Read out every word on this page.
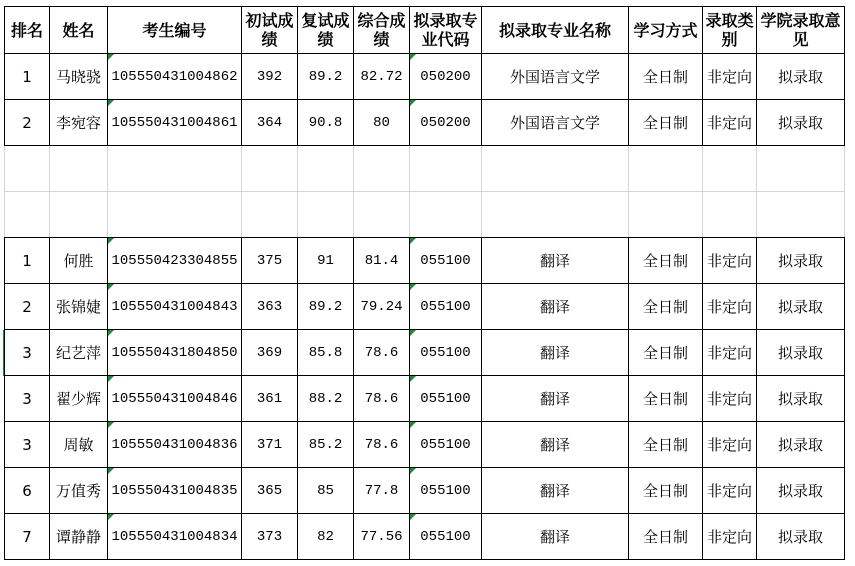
排名	姓名	考生编号	初试成绩	复试成绩	综合成绩	拟录取专业代码	拟录取专业名称	学习方式	录取类别	学院录取意见
1	马晓骁	105550431004862	392	89.2	82.72	050200	外国语言文学	全日制	非定向	拟录取
2	李宛容	105550431004861	364	90.8	80	050200	外国语言文学	全日制	非定向	拟录取

1	何胜	105550423304855	375	91	81.4	055100	翻译	全日制	非定向	拟录取
2	张锦婕	105550431004843	363	89.2	79.24	055100	翻译	全日制	非定向	拟录取
3	纪艺萍	105550431804850	369	85.8	78.6	055100	翻译	全日制	非定向	拟录取
3	翟少辉	105550431004846	361	88.2	78.6	055100	翻译	全日制	非定向	拟录取
3	周敏	105550431004836	371	85.2	78.6	055100	翻译	全日制	非定向	拟录取
6	万值秀	105550431004835	365	85	77.8	055100	翻译	全日制	非定向	拟录取
7	谭静静	105550431004834	373	82	77.56	055100	翻译	全日制	非定向	拟录取
